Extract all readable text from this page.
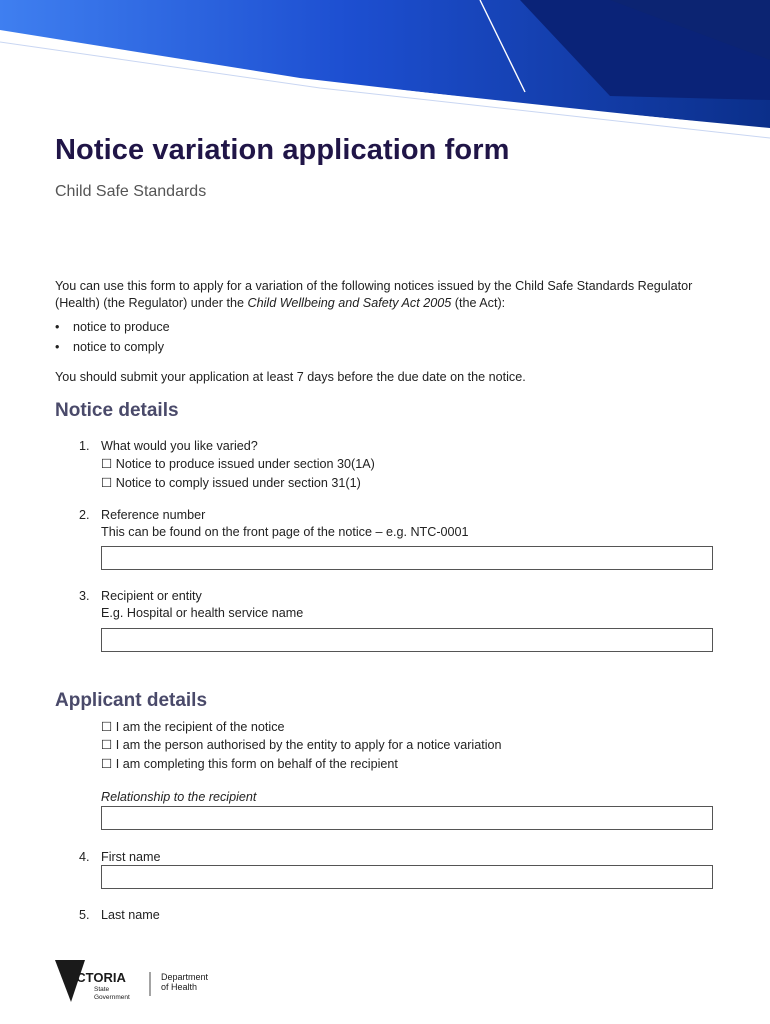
Notice variation application form
Child Safe Standards

You can use this form to apply for a variation of the following notices issued by the Child Safe Standards Regulator (Health) (the Regulator) under the Child Wellbeing and Safety Act 2005 (the Act):

• notice to produce
• notice to comply
You should submit your application at least 7 days before the due date on the notice.
Notice details
1. What would you like varied?
☐ Notice to produce issued under section 30(1A)
☐ Notice to comply issued under section 31(1)
2. Reference number
This can be found on the front page of the notice – e.g. NTC-0001
3. Recipient or entity
E.g. Hospital or health service name
Applicant details
☐ I am the recipient of the notice
☐ I am the person authorised by the entity to apply for a notice variation
☐ I am completing this form on behalf of the recipient
Relationship to the recipient
4. First name
5. Last name
VICTORIA
State
Government
Department
of Health
